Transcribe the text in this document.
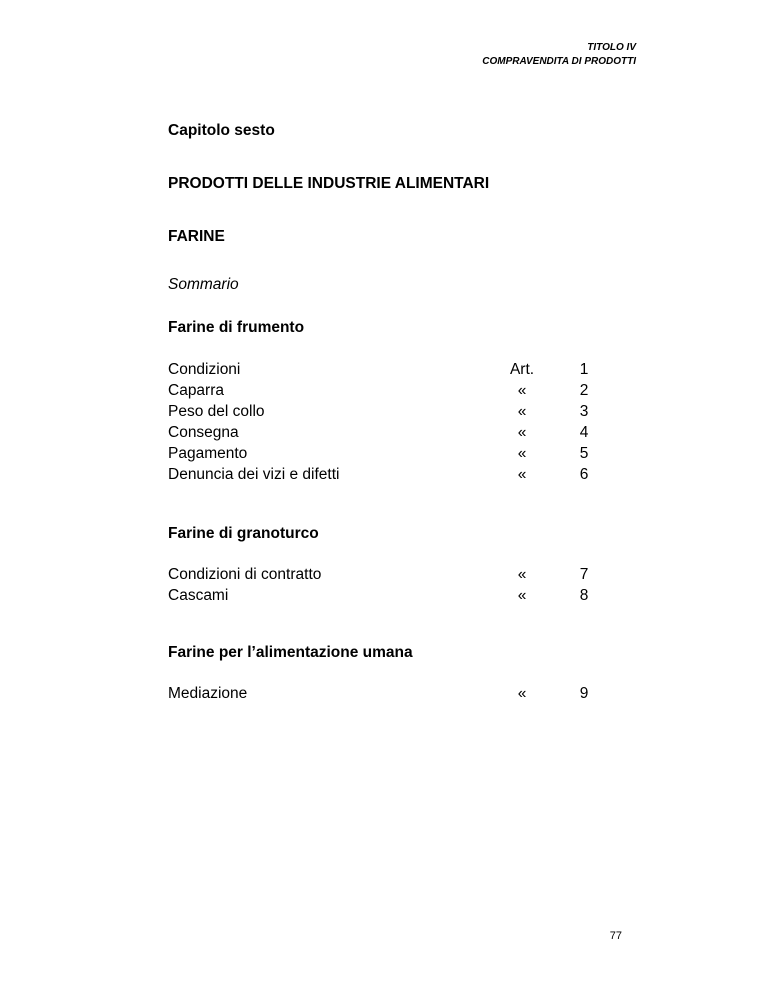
TITOLO IV
COMPRAVENDITA DI PRODOTTI
Capitolo sesto
PRODOTTI DELLE INDUSTRIE ALIMENTARI
FARINE
Sommario
Farine di frumento
Condizioni	Art.	1
Caparra	«	2
Peso del collo	«	3
Consegna	«	4
Pagamento	«	5
Denuncia dei vizi e difetti	«	6
Farine di granoturco
Condizioni di contratto	«	7
Cascami	«	8
Farine per l’alimentazione umana
Mediazione	«	9
77
